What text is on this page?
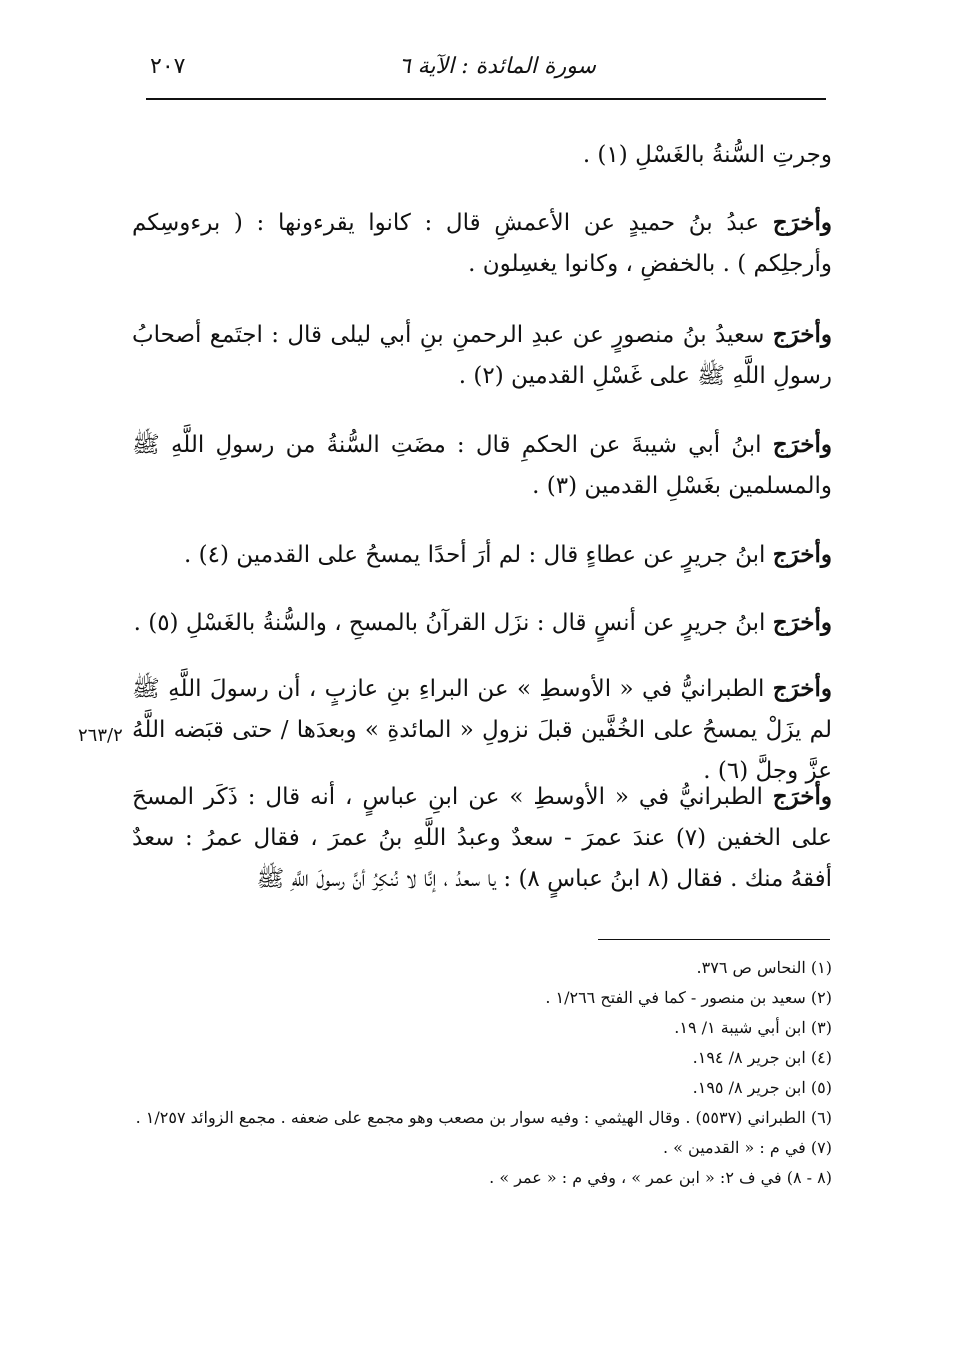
٢٠٧	سورة المائدة : الآية ٦

وجرتِ السُّنةُ بالغَسْلِ (١) .

وأخرَج عبدُ بنُ حميدٍ عن الأعمشِ قال : كانوا يقرءونها : ( برءوسِكم وأرجلِكم ) . بالخفضِ ، وكانوا يغسِلون .

وأخرَج سعيدُ بنُ منصورٍ عن عبدِ الرحمنِ بنِ أبي ليلى قال : اجتَمع أصحابُ رسولِ اللَّهِ ﷺ على غَسْلِ القدمين (٢) .

وأخرَج ابنُ أبي شيبةَ عن الحكمِ قال : مضَتِ السُّنةُ من رسولِ اللَّهِ ﷺ والمسلمين بغَسْلِ القدمين (٣) .

وأخرَج ابنُ جريرٍ عن عطاءٍ قال : لم أرَ أحدًا يمسحُ على القدمين (٤) .

وأخرَج ابنُ جريرٍ عن أنسٍ قال : نزَل القرآنُ بالمسحِ ، والسُّنةُ بالغَسْلِ (٥) .

وأخرَج الطبرانيُّ في « الأوسطِ » عن البراءِ بنِ عازبٍ ، أن رسولَ اللَّهِ ﷺ لم يزَلْ يمسحُ على الخُفَّين قبلَ نزولِ « المائدةِ » وبعدَها / حتى قبَضه اللَّهُ عزَّ وجلَّ (٦) .

وأخرَج الطبرانيُّ في « الأوسطِ » عن ابنِ عباسٍ ، أنه قال : ذَكَر المسحَ على الخفين (٧) عندَ عمرَ - سعدٌ وعبدُ اللَّهِ بنُ عمرَ ، فقال عمرُ : سعدٌ أفقهُ منك . فقال (٨ ابنُ عباسٍ ٨) : يا سعدُ ، إنَّا لا نُنكِرُ أنَّ رسولَ اللَّهِ ﷺ

٢٦٣/٢

(١) النحاس ص ٣٧٦.

(٢) سعيد بن منصور - كما في الفتح ١/٢٦٦ .

(٣) ابن أبي شيبة ١/ ١٩.

(٤) ابن جرير ٨/ ١٩٤.

(٥) ابن جرير ٨/ ١٩٥.

(٦) الطبراني (٥٥٣٧) . وقال الهيثمي : وفيه سوار بن مصعب وهو مجمع على ضعفه . مجمع الزوائد ١/٢٥٧ .

(٧) في م : « القدمين » .

(٨ - ٨) في ف ٢: « ابن عمر » ، وفي م : « عمر » .
